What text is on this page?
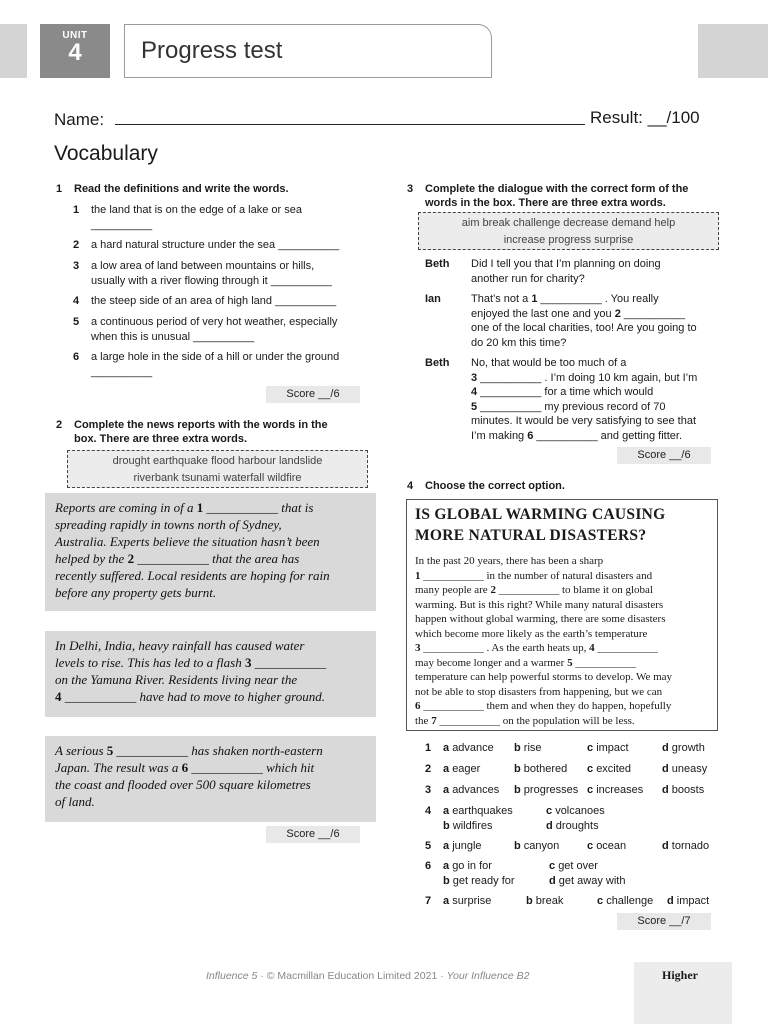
UNIT
4	Progress test
Name:	Result: __/100
Vocabulary
1 Read the definitions and write the words.
1 the land that is on the edge of a lake or sea
__________
2 a hard natural structure under the sea __________
3 a low area of land between mountains or hills,
usually with a river flowing through it __________
4 the steep side of an area of high land __________
5 a continuous period of very hot weather, especially
when this is unusual __________
6 a large hole in the side of a hill or under the ground
__________
Score __/6
2 Complete the news reports with the words in the
box. There are three extra words.
drought earthquake flood harbour landslide
riverbank tsunami waterfall wildfire
Reports are coming in of a 1 ___________ that is
spreading rapidly in towns north of Sydney,
Australia. Experts believe the situation hasn’t been
helped by the 2 ___________ that the area has
recently suffered. Local residents are hoping for rain
before any property gets burnt.
In Delhi, India, heavy rainfall has caused water
levels to rise. This has led to a flash 3 ___________
on the Yamuna River. Residents living near the
4 ___________ have had to move to higher ground.
A serious 5 ___________ has shaken north-eastern
Japan. The result was a 6 ___________ which hit
the coast and flooded over 500 square kilometres
of land.
Score __/6
3 Complete the dialogue with the correct form of the
words in the box. There are three extra words.
aim break challenge decrease demand help
increase progress surprise
Beth Did I tell you that I’m planning on doing
another run for charity?
Ian	That’s not a 1 __________ . You really
enjoyed the last one and you 2 __________
one of the local charities, too! Are you going to
do 20 km this time?
Beth No, that would be too much of a
3 __________ . I’m doing 10 km again, but I’m
4 __________ for a time which would
5 __________ my previous record of 70
minutes. It would be very satisfying to see that
I’m making 6 __________ and getting fitter.
Score __/6
4 Choose the correct option.
IS GLOBAL WARMING CAUSING
MORE NATURAL DISASTERS?
In the past 20 years, there has been a sharp
1 ___________ in the number of natural disasters and
many people are 2 ___________ to blame it on global
warming. But is this right? While many natural disasters
happen without global warming, there are some disasters
which become more likely as the earth’s temperature
3 ___________ . As the earth heats up, 4 ___________
may become longer and a warmer 5 ___________
temperature can help powerful storms to develop. We may
not be able to stop disasters from happening, but we can
6 ___________ them and when they do happen, hopefully
the 7 ___________ on the population will be less.
1 a advance b rise	c impact	d growth
2 a eager	b bothered c excited	d uneasy
3 a advances b progresses c increases d boosts
4 a earthquakes
b wildfires
c volcanoes
d droughts
5 a jungle	b canyon	c ocean	d tornado
6 a go in for
b get ready for
c get over
d get away with
7 a surprise	b break	c challenge d impact
Score __/7
Influence 5 · © Macmillan Education Limited 2021 · Your Influence B2	Higher
